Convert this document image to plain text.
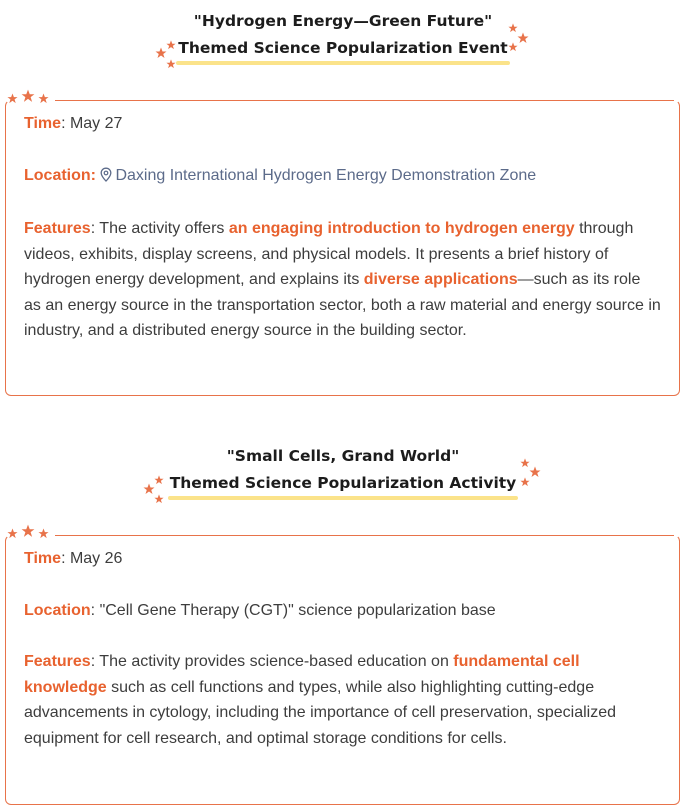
"Hydrogen Energy—Green Future"
Themed Science Popularization Event

Time: May 27

Location: Daxing International Hydrogen Energy Demonstration Zone

Features: The activity offers an engaging introduction to hydrogen energy through videos, exhibits, display screens, and physical models. It presents a brief history of hydrogen energy development, and explains its diverse applications—such as its role as an energy source in the transportation sector, both a raw material and energy source in industry, and a distributed energy source in the building sector.

"Small Cells, Grand World"
Themed Science Popularization Activity

Time: May 26

Location: "Cell Gene Therapy (CGT)" science popularization base

Features: The activity provides science-based education on fundamental cell knowledge such as cell functions and types, while also highlighting cutting-edge advancements in cytology, including the importance of cell preservation, specialized equipment for cell research, and optimal storage conditions for cells.
